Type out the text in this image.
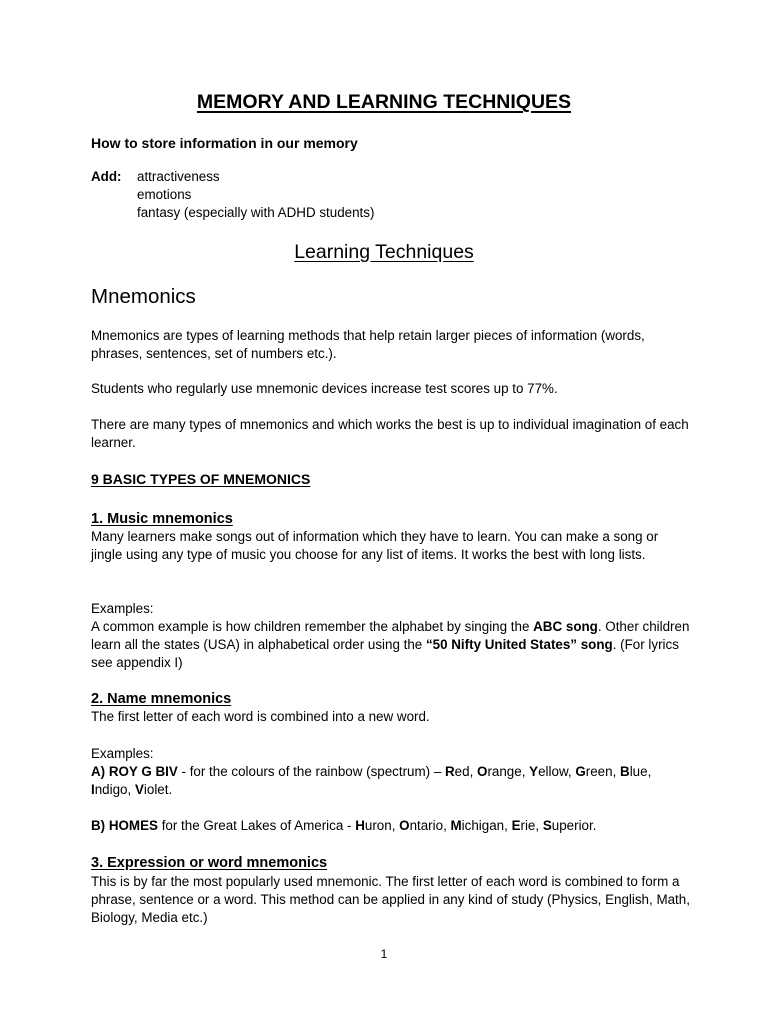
MEMORY AND LEARNING TECHNIQUES
How to store information in our memory
Add: attractiveness
emotions
fantasy (especially with ADHD students)
Learning Techniques
Mnemonics

Mnemonics are types of learning methods that help retain larger pieces of information (words, phrases, sentences, set of numbers etc.).

Students who regularly use mnemonic devices increase test scores up to 77%.

There are many types of mnemonics and which works the best is up to individual imagination of each learner.

9 BASIC TYPES OF MNEMONICS
1. Music mnemonics

Many learners make songs out of information which they have to learn. You can make a song or jingle using any type of music you choose for any list of items. It works the best with long lists.

Examples:

A common example is how children remember the alphabet by singing the ABC song. Other children learn all the states (USA) in alphabetical order using the “50 Nifty United States” song. (For lyrics see appendix I)

2. Name mnemonics

The first letter of each word is combined into a new word.

Examples:

A) ROY G BIV - for the colours of the rainbow (spectrum) – Red, Orange, Yellow, Green, Blue, Indigo, Violet.

B) HOMES for the Great Lakes of America - Huron, Ontario, Michigan, Erie, Superior.

3. Expression or word mnemonics

This is by far the most popularly used mnemonic. The first letter of each word is combined to form a phrase, sentence or a word. This method can be applied in any kind of study (Physics, English, Math, Biology, Media etc.)

1
